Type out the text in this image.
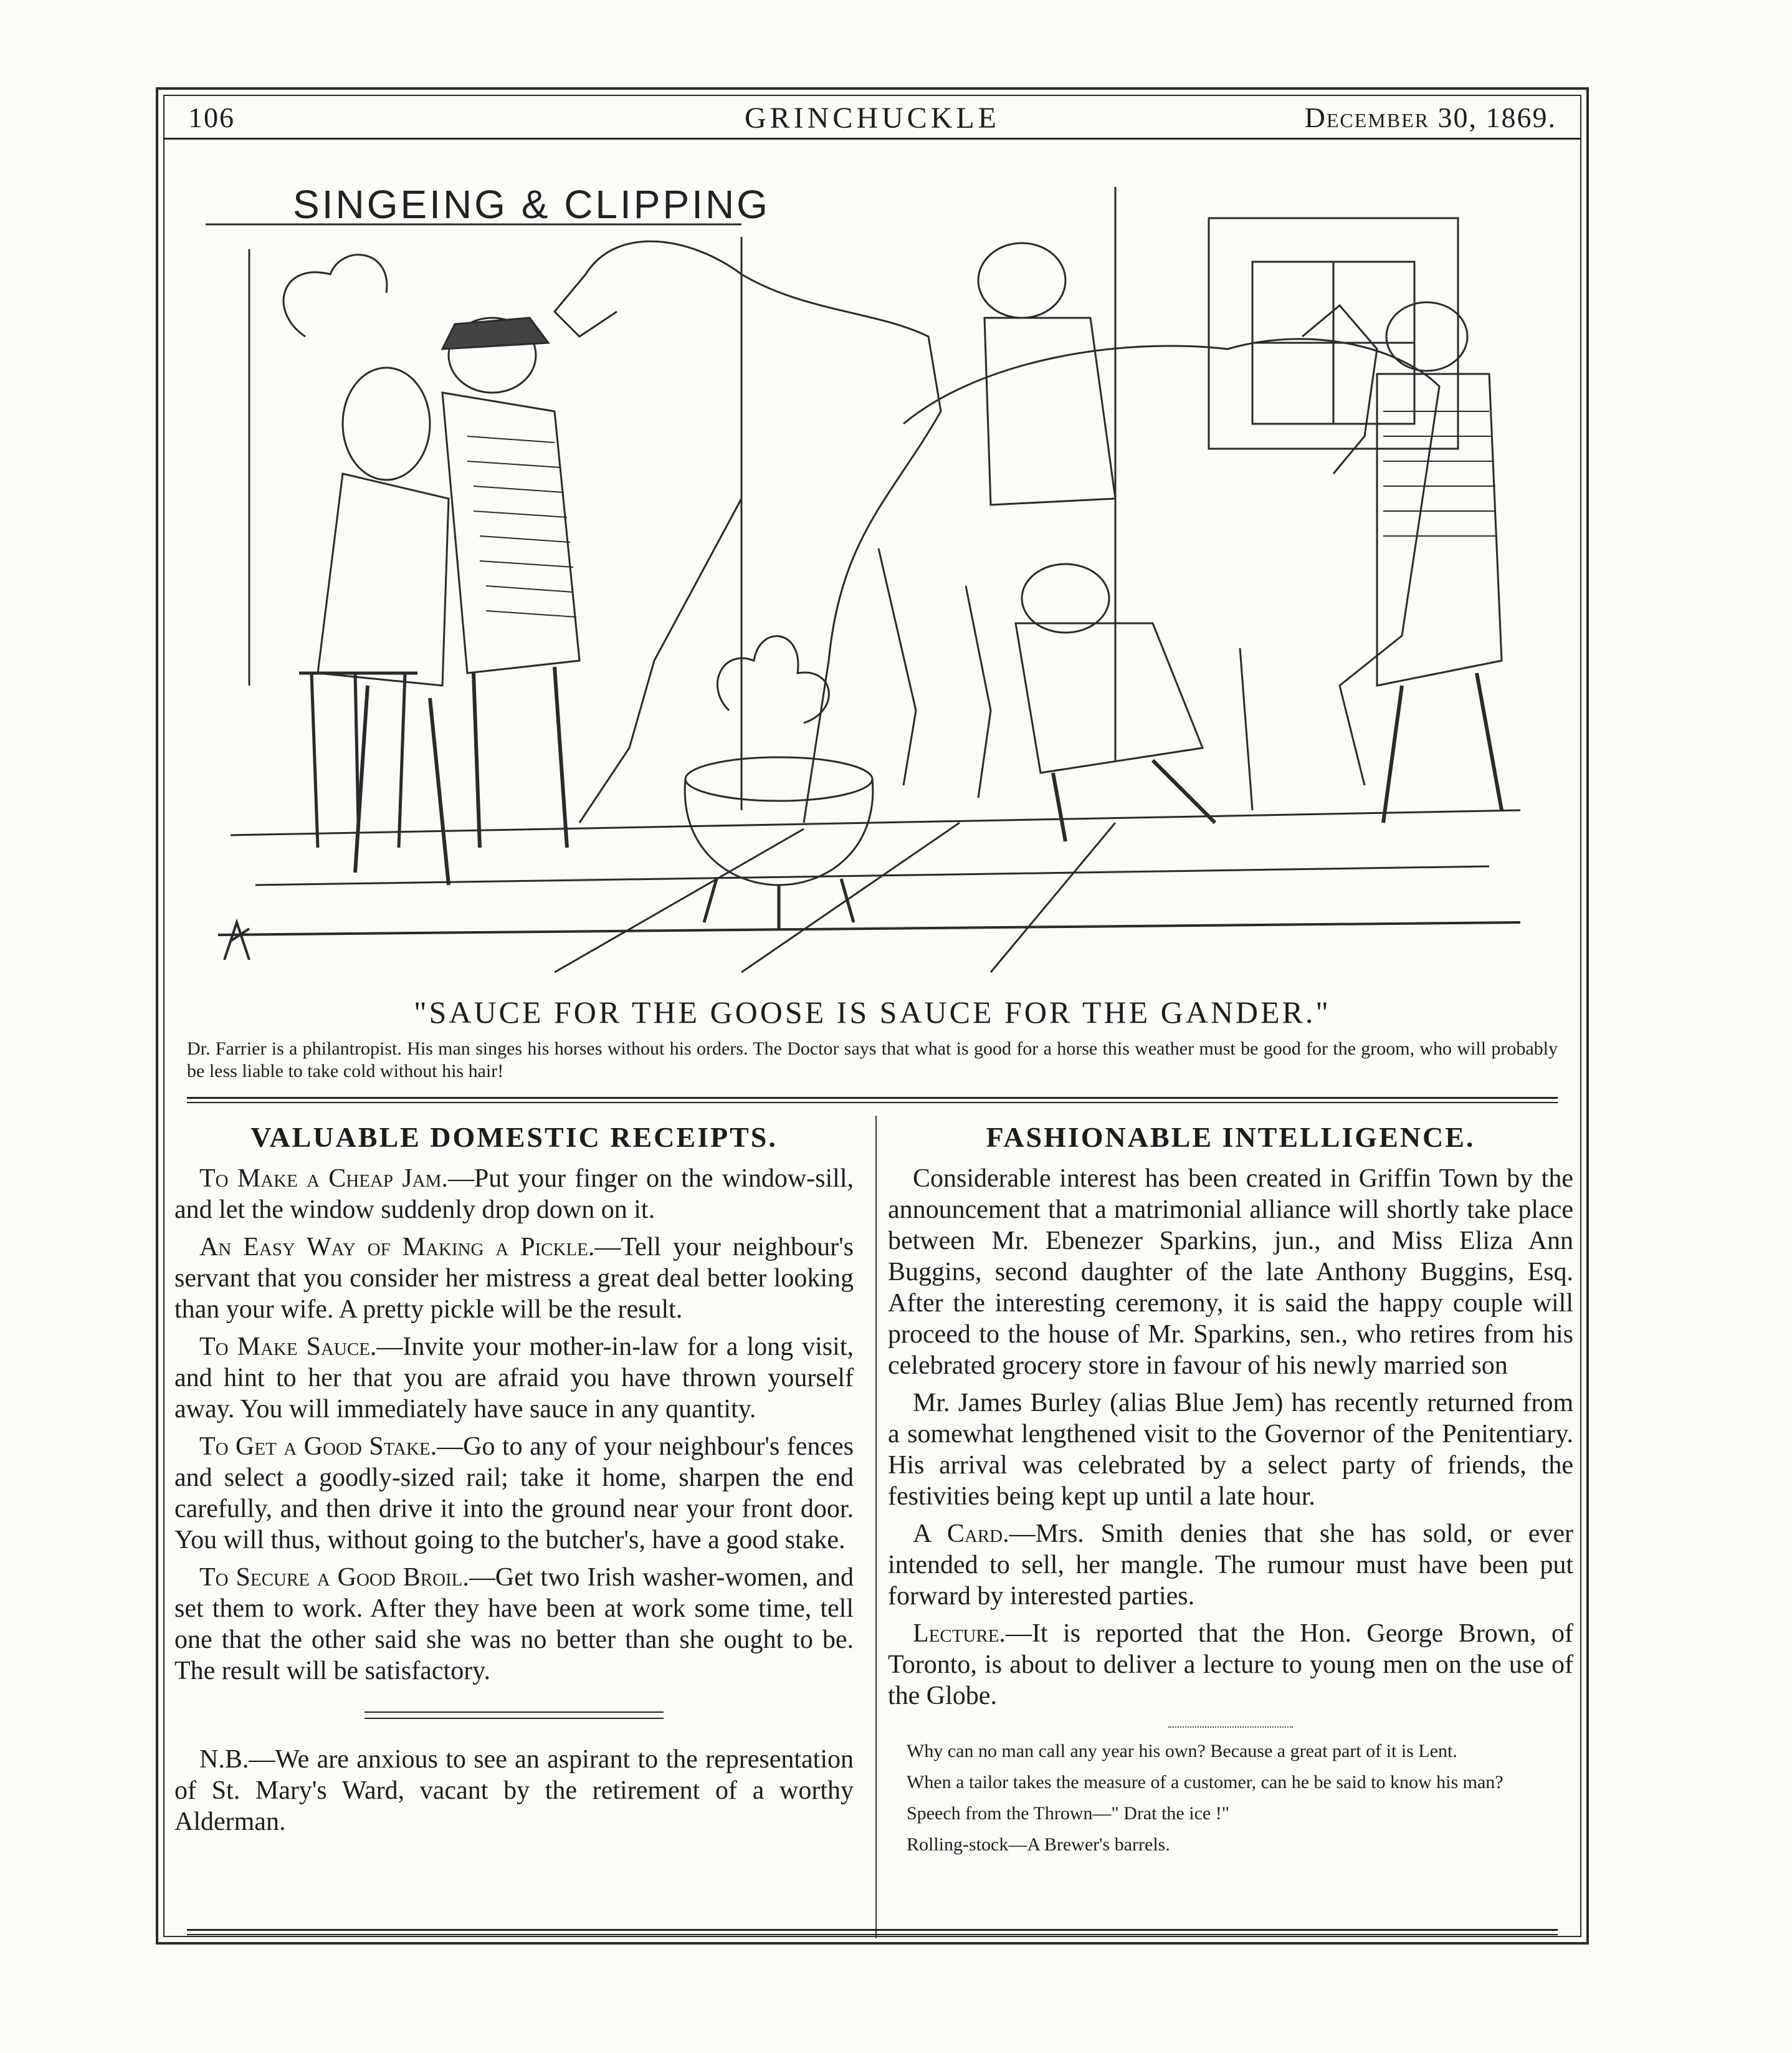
106	GRINCHUCKLE	December 30, 1869.
SINGEING & CLIPPING
"SAUCE FOR THE GOOSE IS SAUCE FOR THE GANDER."
Dr. Farrier is a philantropist. His man singes his horses without his orders. The Doctor says that what is good for a horse this weather must be good for the groom, who will probably be less liable to take cold without his hair!
VALUABLE DOMESTIC RECEIPTS.

To Make a Cheap Jam.—Put your finger on the window-sill, and let the window suddenly drop down on it.

An Easy Way of Making a Pickle.—Tell your neighbour's servant that you consider her mistress a great deal better looking than your wife. A pretty pickle will be the result.

To Make Sauce.—Invite your mother-in-law for a long visit, and hint to her that you are afraid you have thrown yourself away. You will immediately have sauce in any quantity.

To Get a Good Stake.—Go to any of your neighbour's fences and select a goodly-sized rail; take it home, sharpen the end carefully, and then drive it into the ground near your front door. You will thus, without going to the butcher's, have a good stake.

To Secure a Good Broil.—Get two Irish washer-women, and set them to work. After they have been at work some time, tell one that the other said she was no better than she ought to be. The result will be satisfactory.

N.B.—We are anxious to see an aspirant to the representation of St. Mary's Ward, vacant by the retirement of a worthy Alderman.

FASHIONABLE INTELLIGENCE.

Considerable interest has been created in Griffin Town by the announcement that a matrimonial alliance will shortly take place between Mr. Ebenezer Sparkins, jun., and Miss Eliza Ann Buggins, second daughter of the late Anthony Buggins, Esq. After the interesting ceremony, it is said the happy couple will proceed to the house of Mr. Sparkins, sen., who retires from his celebrated grocery store in favour of his newly married son

Mr. James Burley (alias Blue Jem) has recently returned from a somewhat lengthened visit to the Governor of the Penitentiary. His arrival was celebrated by a select party of friends, the festivities being kept up until a late hour.

A Card.—Mrs. Smith denies that she has sold, or ever intended to sell, her mangle. The rumour must have been put forward by interested parties.

Lecture.—It is reported that the Hon. George Brown, of Toronto, is about to deliver a lecture to young men on the use of the Globe.

Why can no man call any year his own? Because a great part of it is Lent.

When a tailor takes the measure of a customer, can he be said to know his man?

Speech from the Thrown—" Drat the ice !"

Rolling-stock—A Brewer's barrels.
